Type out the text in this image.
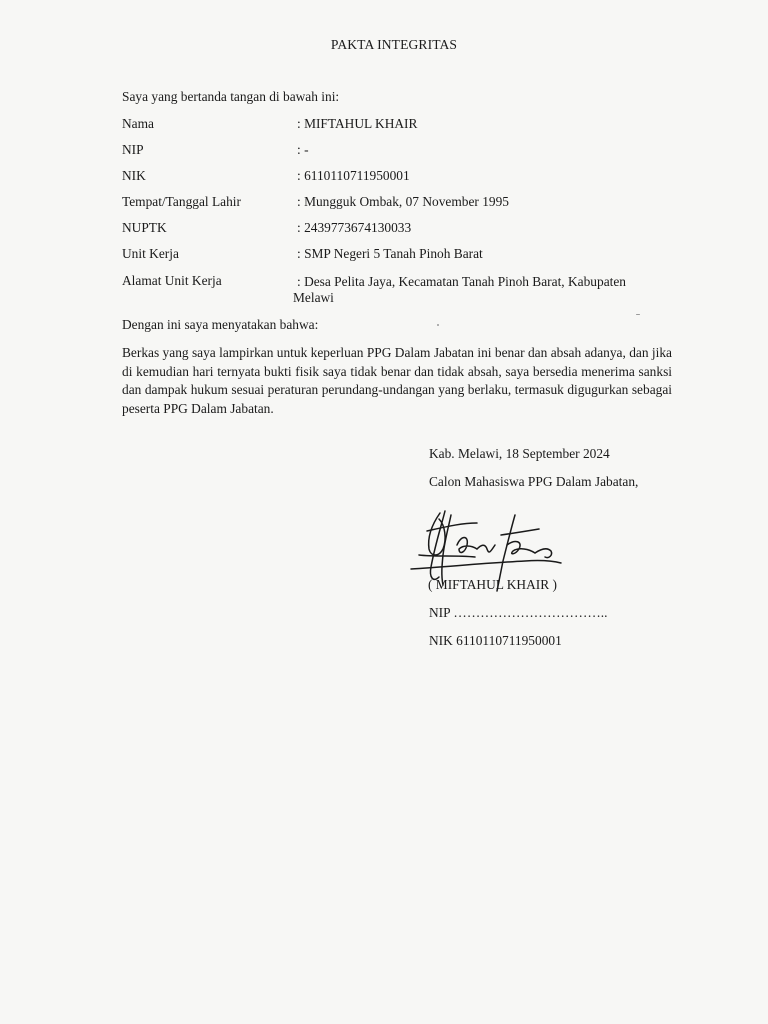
PAKTA INTEGRITAS
Saya yang bertanda tangan di bawah ini:
Nama	: MIFTAHUL KHAIR
NIP	: -
NIK	: 6110110711950001
Tempat/Tanggal Lahir	: Mungguk Ombak, 07 November 1995
NUPTK	: 2439773674130033
Unit Kerja	: SMP Negeri 5 Tanah Pinoh Barat
Alamat Unit Kerja	: Desa Pelita Jaya, Kecamatan Tanah Pinoh Barat, Kabupaten
Melawi
Dengan ini saya menyatakan bahwa:
Berkas yang saya lampirkan untuk keperluan PPG Dalam Jabatan ini benar dan absah adanya, dan jika di kemudian hari ternyata bukti fisik saya tidak benar dan tidak absah, saya bersedia menerima sanksi dan dampak hukum sesuai peraturan perundang-undangan yang berlaku, termasuk digugurkan sebagai peserta PPG Dalam Jabatan.
Kab. Melawi, 18 September 2024
Calon Mahasiswa PPG Dalam Jabatan,
( MIFTAHUL KHAIR )
NIP ……………………………..
NIK 6110110711950001
